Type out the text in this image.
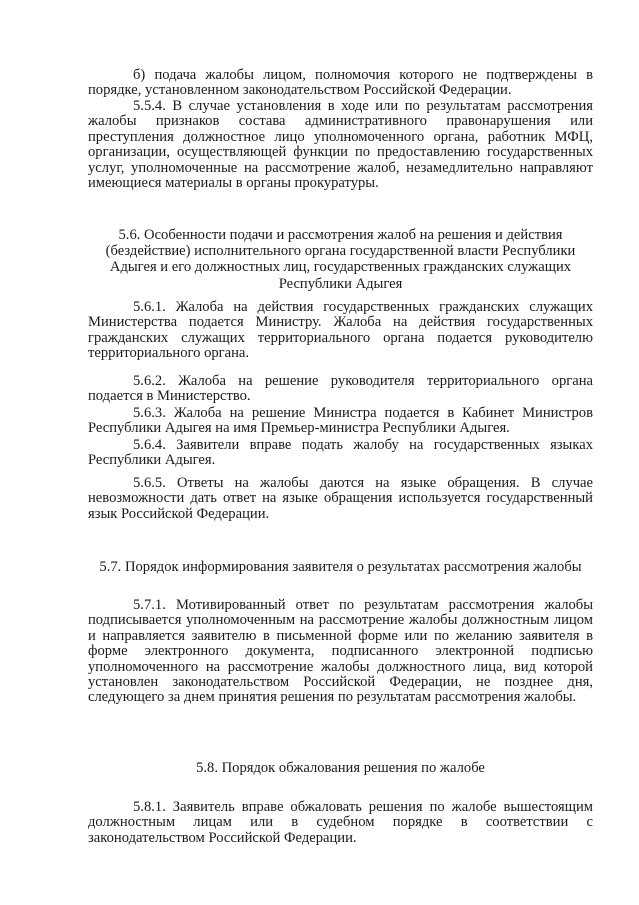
б) подача жалобы лицом, полномочия которого не подтверждены в порядке, установленном законодательством Российской Федерации.

5.5.4. В случае установления в ходе или по результатам рассмотрения жалобы признаков состава административного правонарушения или преступления должностное лицо уполномоченного органа, работник МФЦ, организации, осуществляющей функции по предоставлению государственных услуг, уполномоченные на рассмотрение жалоб, незамедлительно направляют имеющиеся материалы в органы прокуратуры.

5.6. Особенности подачи и рассмотрения жалоб на решения и действия (бездействие) исполнительного органа государственной власти Республики Адыгея и его должностных лиц, государственных гражданских служащих Республики Адыгея

5.6.1. Жалоба на действия государственных гражданских служащих Министерства подается Министру. Жалоба на действия государственных гражданских служащих территориального органа подается руководителю территориального органа.

5.6.2. Жалоба на решение руководителя территориального органа подается в Министерство.

5.6.3. Жалоба на решение Министра подается в Кабинет Министров Республики Адыгея на имя Премьер-министра Республики Адыгея.

5.6.4. Заявители вправе подать жалобу на государственных языках Республики Адыгея.

5.6.5. Ответы на жалобы даются на языке обращения. В случае невозможности дать ответ на языке обращения используется государственный язык Российской Федерации.

5.7. Порядок информирования заявителя о результатах рассмотрения жалобы

5.7.1. Мотивированный ответ по результатам рассмотрения жалобы подписывается уполномоченным на рассмотрение жалобы должностным лицом и направляется заявителю в письменной форме или по желанию заявителя в форме электронного документа, подписанного электронной подписью уполномоченного на рассмотрение жалобы должностного лица, вид которой установлен законодательством Российской Федерации, не позднее дня, следующего за днем принятия решения по результатам рассмотрения жалобы.

5.8. Порядок обжалования решения по жалобе

5.8.1. Заявитель вправе обжаловать решения по жалобе вышестоящим должностным лицам или в судебном порядке в соответствии с законодательством Российской Федерации.
